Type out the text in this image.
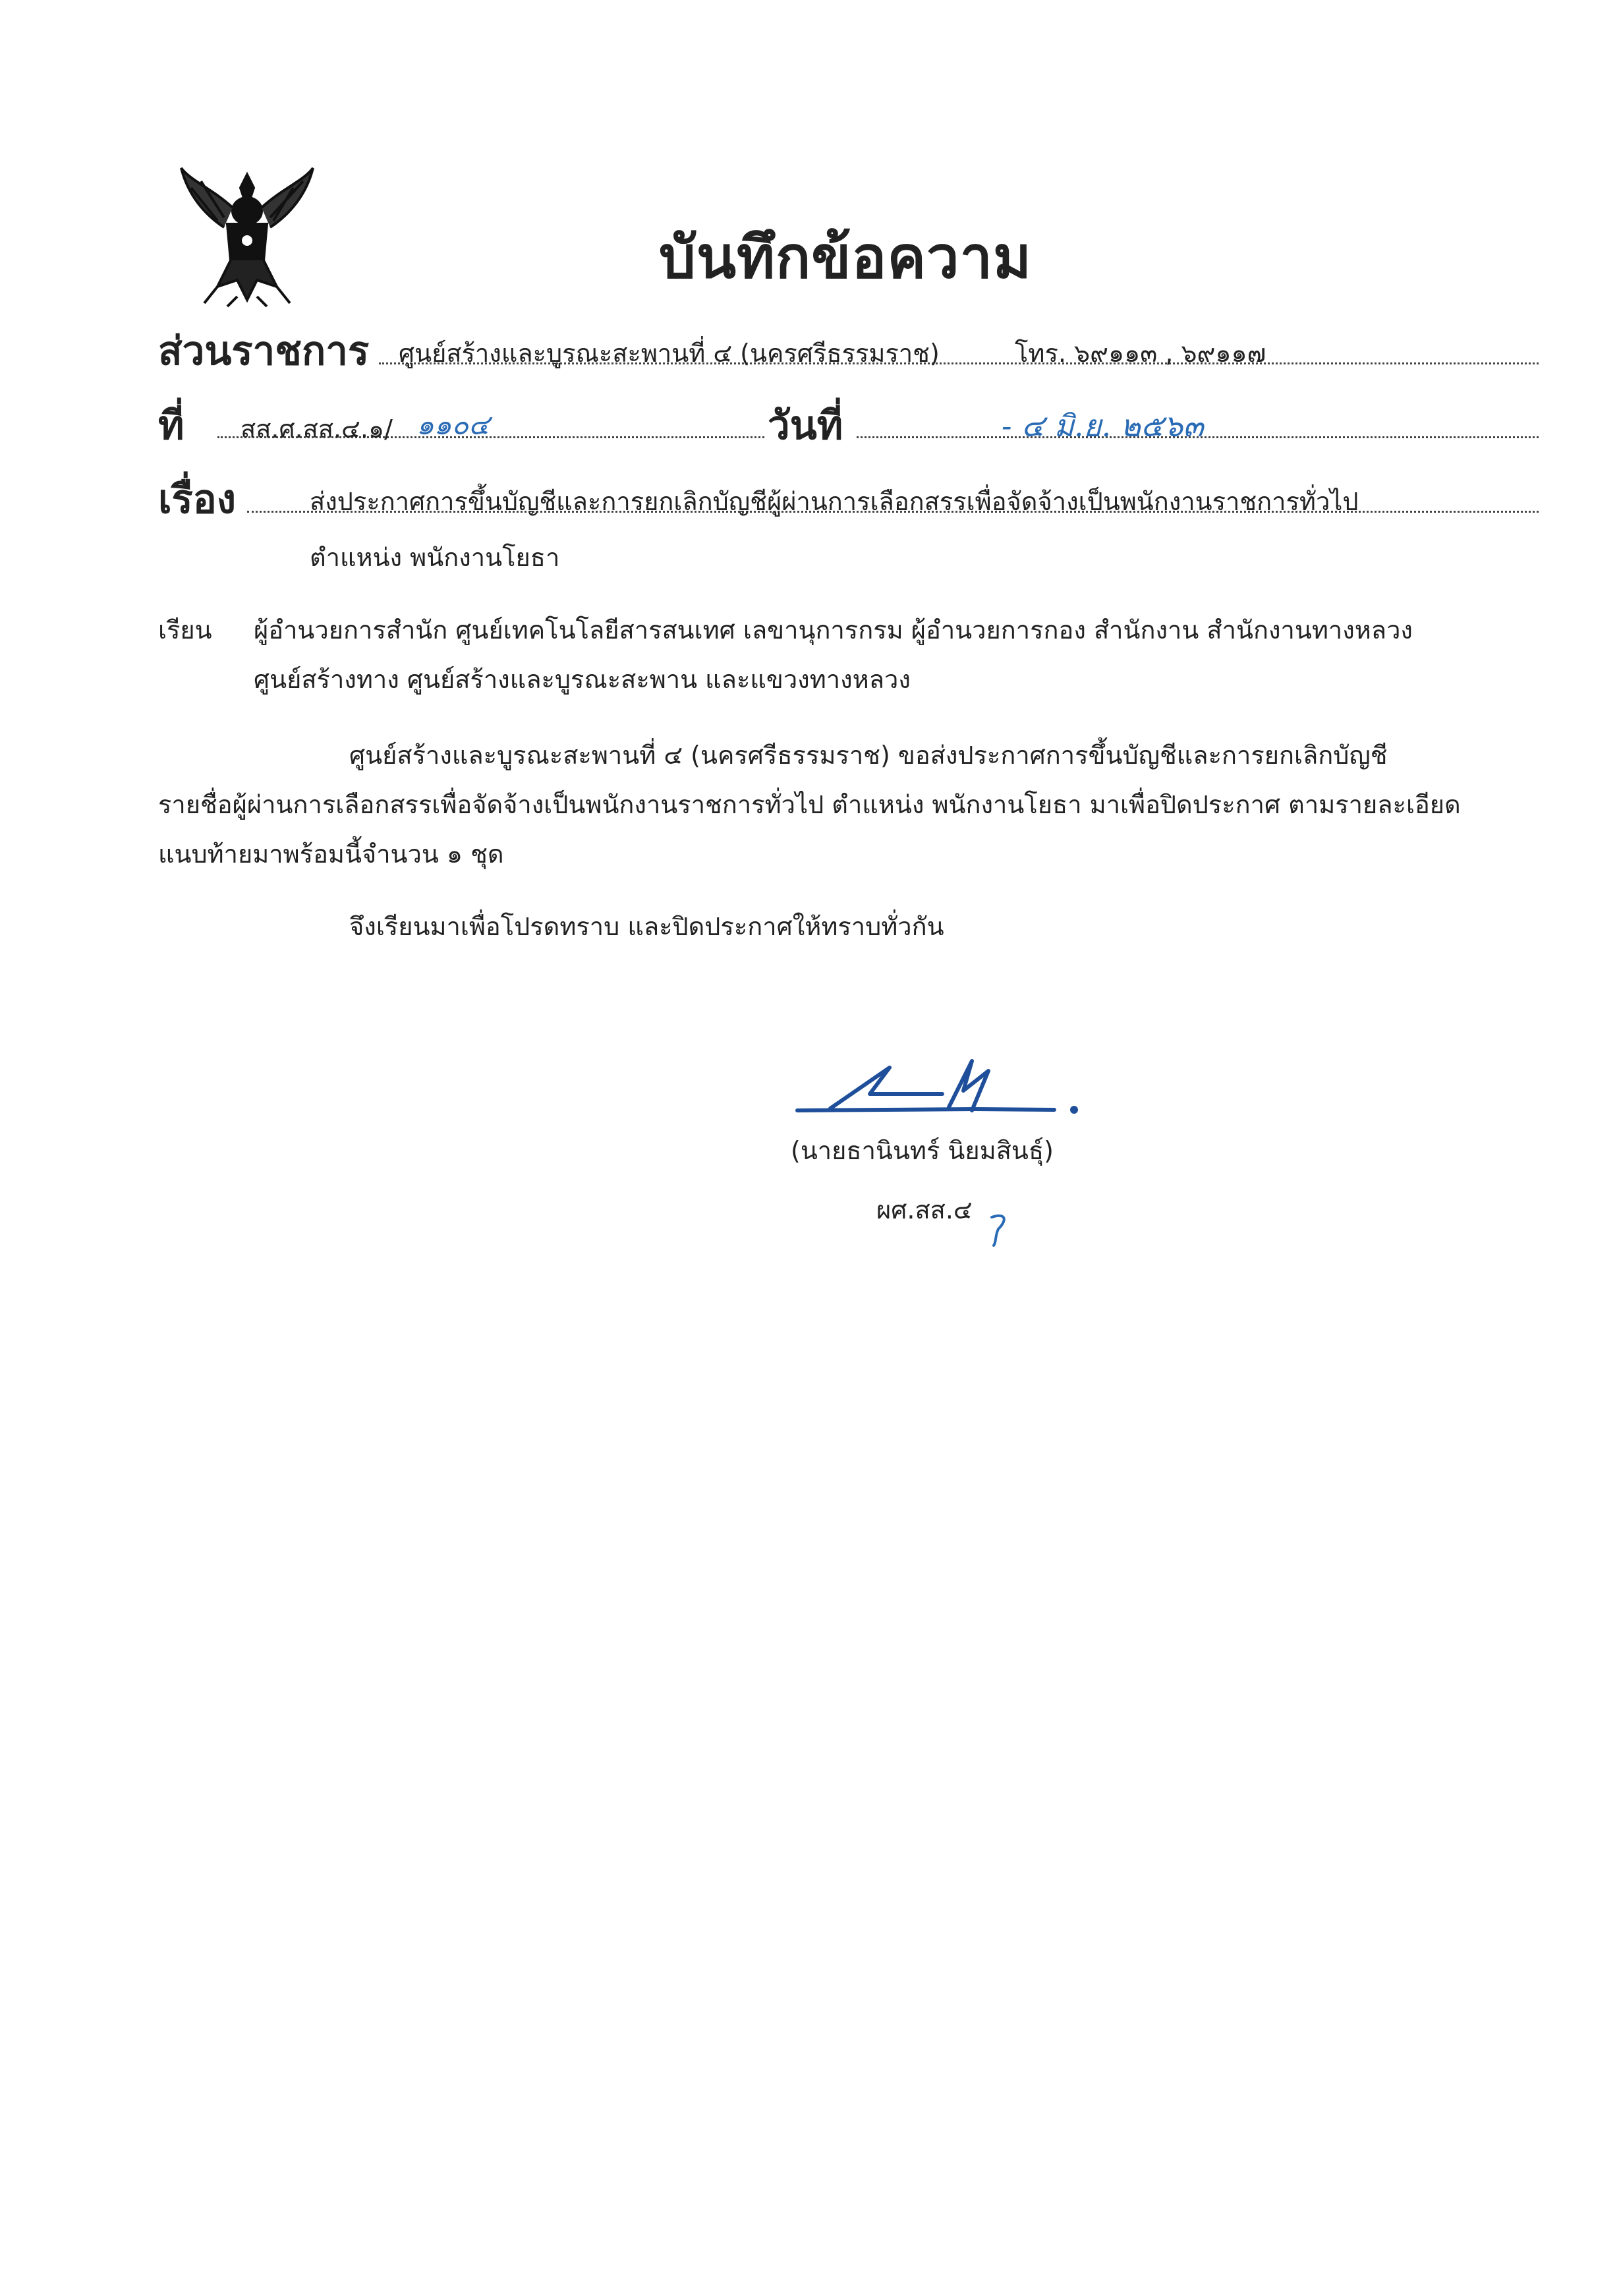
บันทึกข้อความ
ส่วนราชการ ศูนย์สร้างและบูรณะสะพานที่ ๔ (นครศรีธรรมราช)	โทร. ๖๙๑๑๓ , ๖๙๑๑๗
ที่ สส.ศ.สส.๔.๑/ ๑๑๐๔	วันที่	- ๔ มิ.ย. ๒๕๖๓
เรื่อง	ส่งประกาศการขึ้นบัญชีและการยกเลิกบัญชีผู้ผ่านการเลือกสรรเพื่อจัดจ้างเป็นพนักงานราชการทั่วไป
ตำแหน่ง พนักงานโยธา
เรียน ผู้อำนวยการสำนัก ศูนย์เทคโนโลยีสารสนเทศ เลขานุการกรม ผู้อำนวยการกอง สำนักงาน สำนักงานทางหลวง
ศูนย์สร้างทาง ศูนย์สร้างและบูรณะสะพาน และแขวงทางหลวง
ศูนย์สร้างและบูรณะสะพานที่ ๔ (นครศรีธรรมราช) ขอส่งประกาศการขึ้นบัญชีและการยกเลิกบัญชี
รายชื่อผู้ผ่านการเลือกสรรเพื่อจัดจ้างเป็นพนักงานราชการทั่วไป ตำแหน่ง พนักงานโยธา มาเพื่อปิดประกาศ ตามรายละเอียด
แนบท้ายมาพร้อมนี้จำนวน ๑ ชุด
จึงเรียนมาเพื่อโปรดทราบ และปิดประกาศให้ทราบทั่วกัน
(นายธานินทร์ นิยมสินธุ์)
ผศ.สส.๔
